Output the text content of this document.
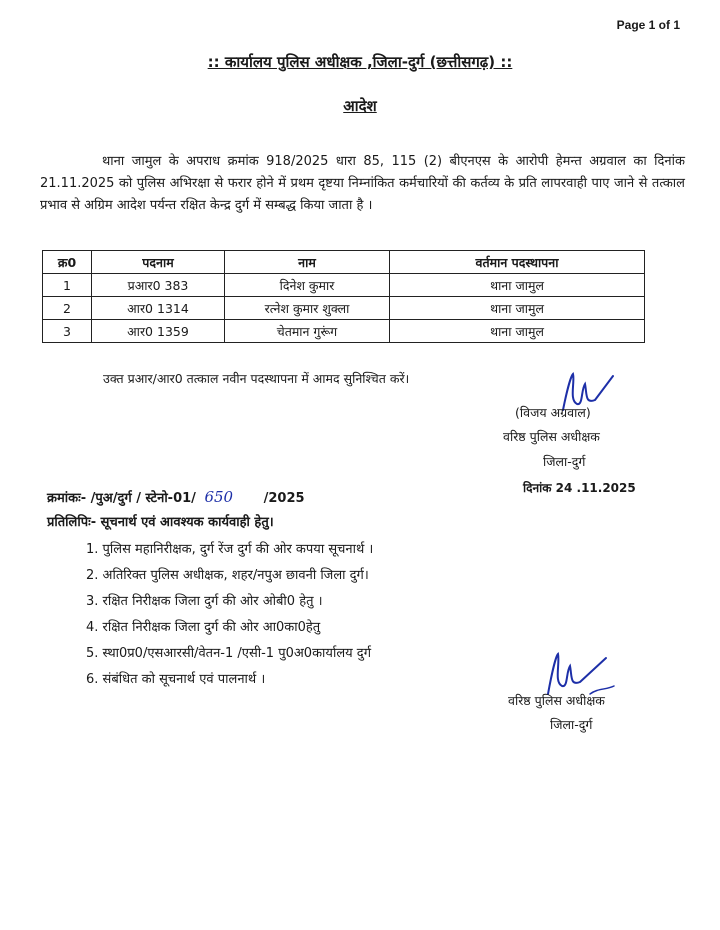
Page 1 of 1
:: कार्यालय पुलिस अधीक्षक ,जिला-दुर्ग (छत्तीसगढ़) ::
आदेश
थाना जामुल के अपराध क्रमांक 918/2025 धारा 85, 115 (2) बीएनएस के आरोपी हेमन्त अग्रवाल का दिनांक 21.11.2025 को पुलिस अभिरक्षा से फरार होने में प्रथम दृष्टया निम्नांकित कर्मचारियों की कर्तव्य के प्रति लापरवाही पाए जाने से तत्काल प्रभाव से अग्रिम आदेश पर्यन्त रक्षित केन्द्र दुर्ग में सम्बद्ध किया जाता है ।
क्र0	पदनाम	नाम	वर्तमान पदस्थापना
1	प्रआर0 383	दिनेश कुमार	थाना जामुल
2	आर0 1314	रत्नेश कुमार शुक्ला	थाना जामुल
3	आर0 1359	चेतमान गुरूंग	थाना जामुल
उक्त प्रआर/आर0 तत्काल नवीन पदस्थापना में आमद सुनिश्चित करें।
(विजय अग्रवाल)
वरिष्ठ पुलिस अधीक्षक
जिला-दुर्ग
दिनांक 24 .11.2025
क्रमांकः- /पुअ/दुर्ग / स्टेनो-01/ 650 /2025
प्रतिलिपिः- सूचनार्थ एवं आवश्यक कार्यवाही हेतु।
1. पुलिस महानिरीक्षक, दुर्ग रेंज दुर्ग की ओर कपया सूचनार्थ ।
2. अतिरिक्त पुलिस अधीक्षक, शहर/नपुअ छावनी जिला दुर्ग।
3. रक्षित निरीक्षक जिला दुर्ग की ओर ओबी0 हेतु ।
4. रक्षित निरीक्षक जिला दुर्ग की ओर आ0का0हेतु
5. स्था0प्र0/एसआरसी/वेतन-1 /एसी-1 पु0अ0कार्यालय दुर्ग
6. संबंधित को सूचनार्थ एवं पालनार्थ ।
वरिष्ठ पुलिस अधीक्षक
जिला-दुर्ग
